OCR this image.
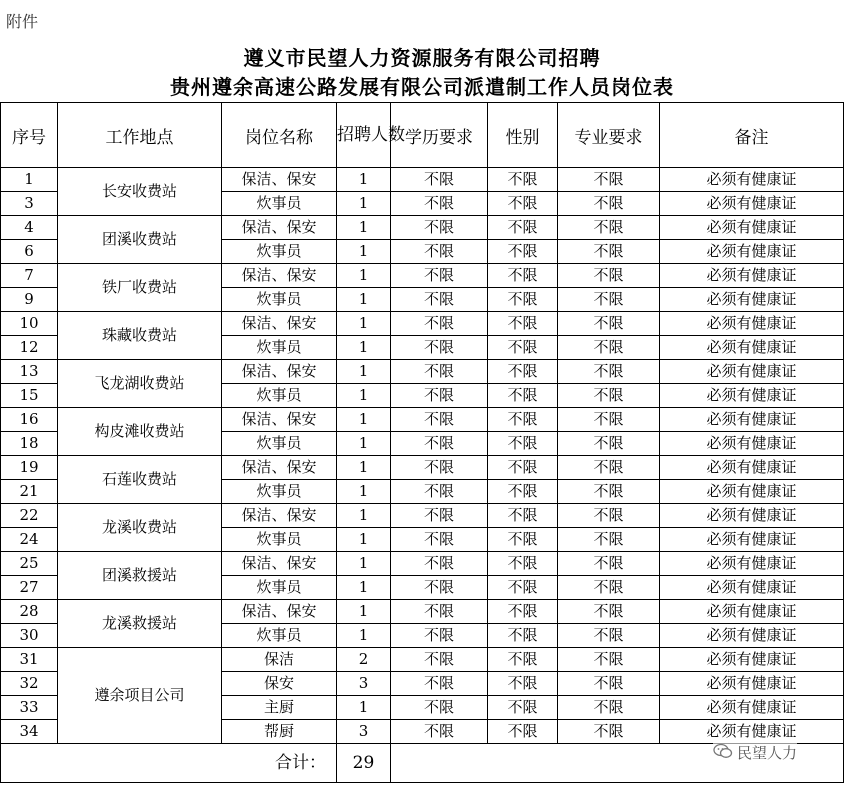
附件
遵义市民望人力资源服务有限公司招聘
贵州遵余高速公路发展有限公司派遣制工作人员岗位表
序号	工作地点	岗位名称	招聘人数	学历要求	性别	专业要求	备注
1	长安收费站	保洁、保安	1	不限	不限	不限	必须有健康证
3		炊事员	1	不限	不限	不限	必须有健康证
4	团溪收费站	保洁、保安	1	不限	不限	不限	必须有健康证
6		炊事员	1	不限	不限	不限	必须有健康证
7	铁厂收费站	保洁、保安	1	不限	不限	不限	必须有健康证
9		炊事员	1	不限	不限	不限	必须有健康证
10	珠藏收费站	保洁、保安	1	不限	不限	不限	必须有健康证
12		炊事员	1	不限	不限	不限	必须有健康证
13	飞龙湖收费站	保洁、保安	1	不限	不限	不限	必须有健康证
15		炊事员	1	不限	不限	不限	必须有健康证
16	构皮滩收费站	保洁、保安	1	不限	不限	不限	必须有健康证
18		炊事员	1	不限	不限	不限	必须有健康证
19	石莲收费站	保洁、保安	1	不限	不限	不限	必须有健康证
21		炊事员	1	不限	不限	不限	必须有健康证
22	龙溪收费站	保洁、保安	1	不限	不限	不限	必须有健康证
24		炊事员	1	不限	不限	不限	必须有健康证
25	团溪救援站	保洁、保安	1	不限	不限	不限	必须有健康证
27		炊事员	1	不限	不限	不限	必须有健康证
28	龙溪救援站	保洁、保安	1	不限	不限	不限	必须有健康证
30		炊事员	1	不限	不限	不限	必须有健康证
31	遵余项目公司	保洁	2	不限	不限	不限	必须有健康证
32		保安	3	不限	不限	不限	必须有健康证
33		主厨	1	不限	不限	不限	必须有健康证
34		帮厨	3	不限	不限	不限	必须有健康证
合计：			29					民望人力
